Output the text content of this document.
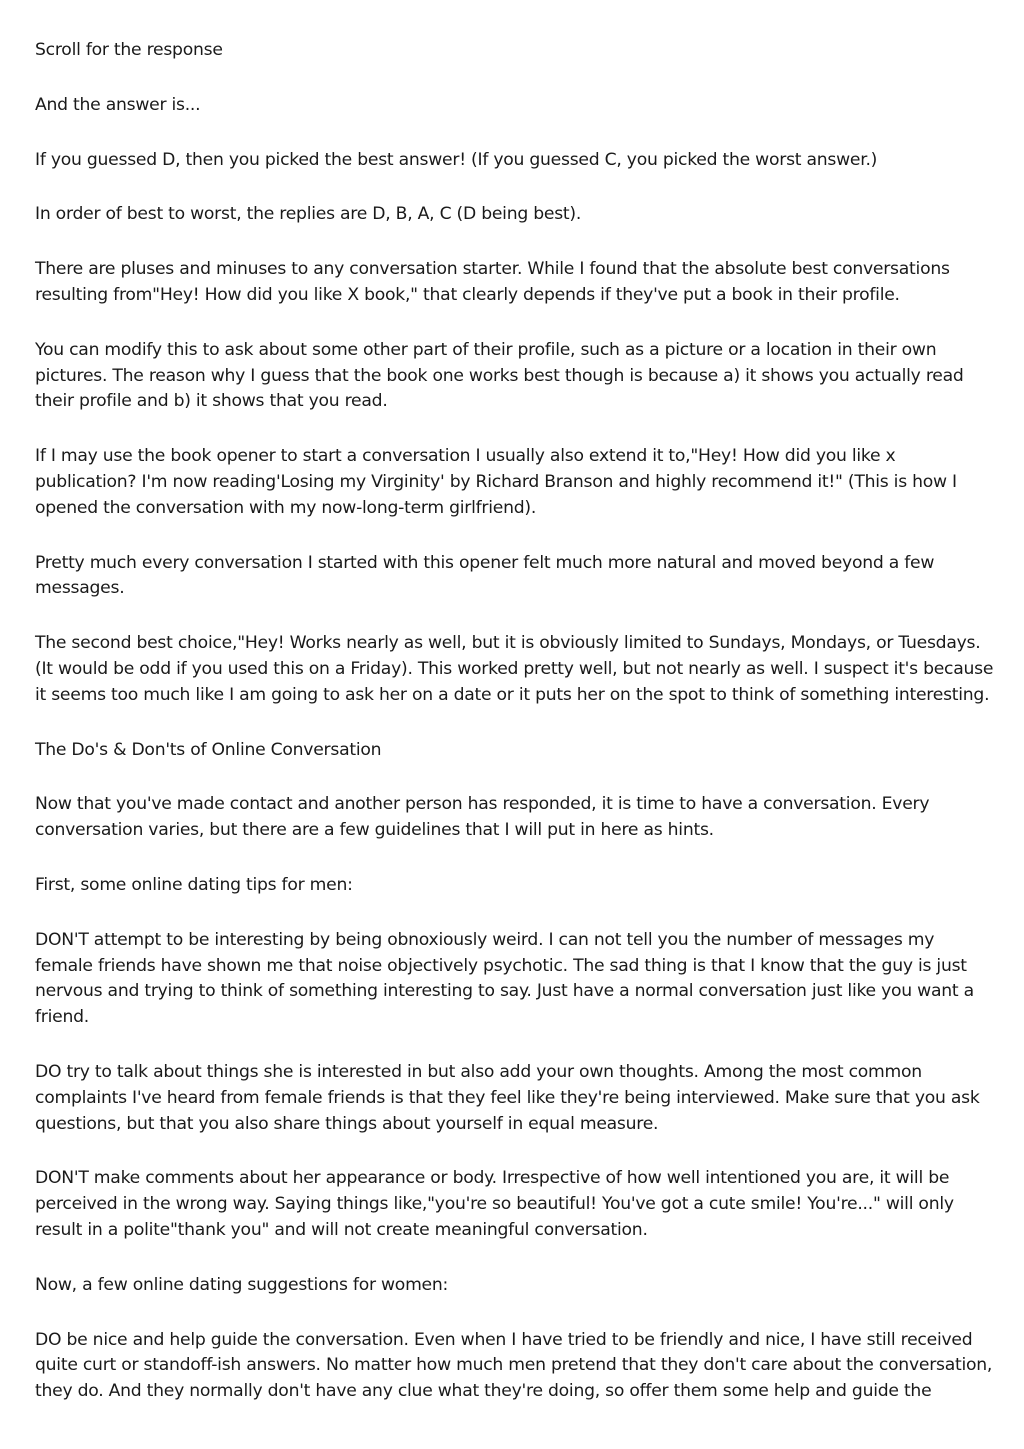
Scroll for the response

And the answer is...

If you guessed D, then you picked the best answer! (If you guessed C, you picked the worst answer.)

In order of best to worst, the replies are D, B, A, C (D being best).

There are pluses and minuses to any conversation starter. While I found that the absolute best conversations resulting from"Hey! How did you like X book," that clearly depends if they've put a book in their profile.

You can modify this to ask about some other part of their profile, such as a picture or a location in their own pictures. The reason why I guess that the book one works best though is because a) it shows you actually read their profile and b) it shows that you read.

If I may use the book opener to start a conversation I usually also extend it to,"Hey! How did you like x publication? I'm now reading'Losing my Virginity' by Richard Branson and highly recommend it!" (This is how I opened the conversation with my now-long-term girlfriend).

Pretty much every conversation I started with this opener felt much more natural and moved beyond a few messages.

The second best choice,"Hey! Works nearly as well, but it is obviously limited to Sundays, Mondays, or Tuesdays. (It would be odd if you used this on a Friday). This worked pretty well, but not nearly as well. I suspect it's because it seems too much like I am going to ask her on a date or it puts her on the spot to think of something interesting.

The Do's & Don'ts of Online Conversation

Now that you've made contact and another person has responded, it is time to have a conversation. Every conversation varies, but there are a few guidelines that I will put in here as hints.

First, some online dating tips for men:

DON'T attempt to be interesting by being obnoxiously weird. I can not tell you the number of messages my female friends have shown me that noise objectively psychotic. The sad thing is that I know that the guy is just nervous and trying to think of something interesting to say. Just have a normal conversation just like you want a friend.

DO try to talk about things she is interested in but also add your own thoughts. Among the most common complaints I've heard from female friends is that they feel like they're being interviewed. Make sure that you ask questions, but that you also share things about yourself in equal measure.

DON'T make comments about her appearance or body. Irrespective of how well intentioned you are, it will be perceived in the wrong way. Saying things like,"you're so beautiful! You've got a cute smile! You're..." will only result in a polite"thank you" and will not create meaningful conversation.

Now, a few online dating suggestions for women:

DO be nice and help guide the conversation. Even when I have tried to be friendly and nice, I have still received quite curt or standoff-ish answers. No matter how much men pretend that they don't care about the conversation, they do. And they normally don't have any clue what they're doing, so offer them some help and guide the
